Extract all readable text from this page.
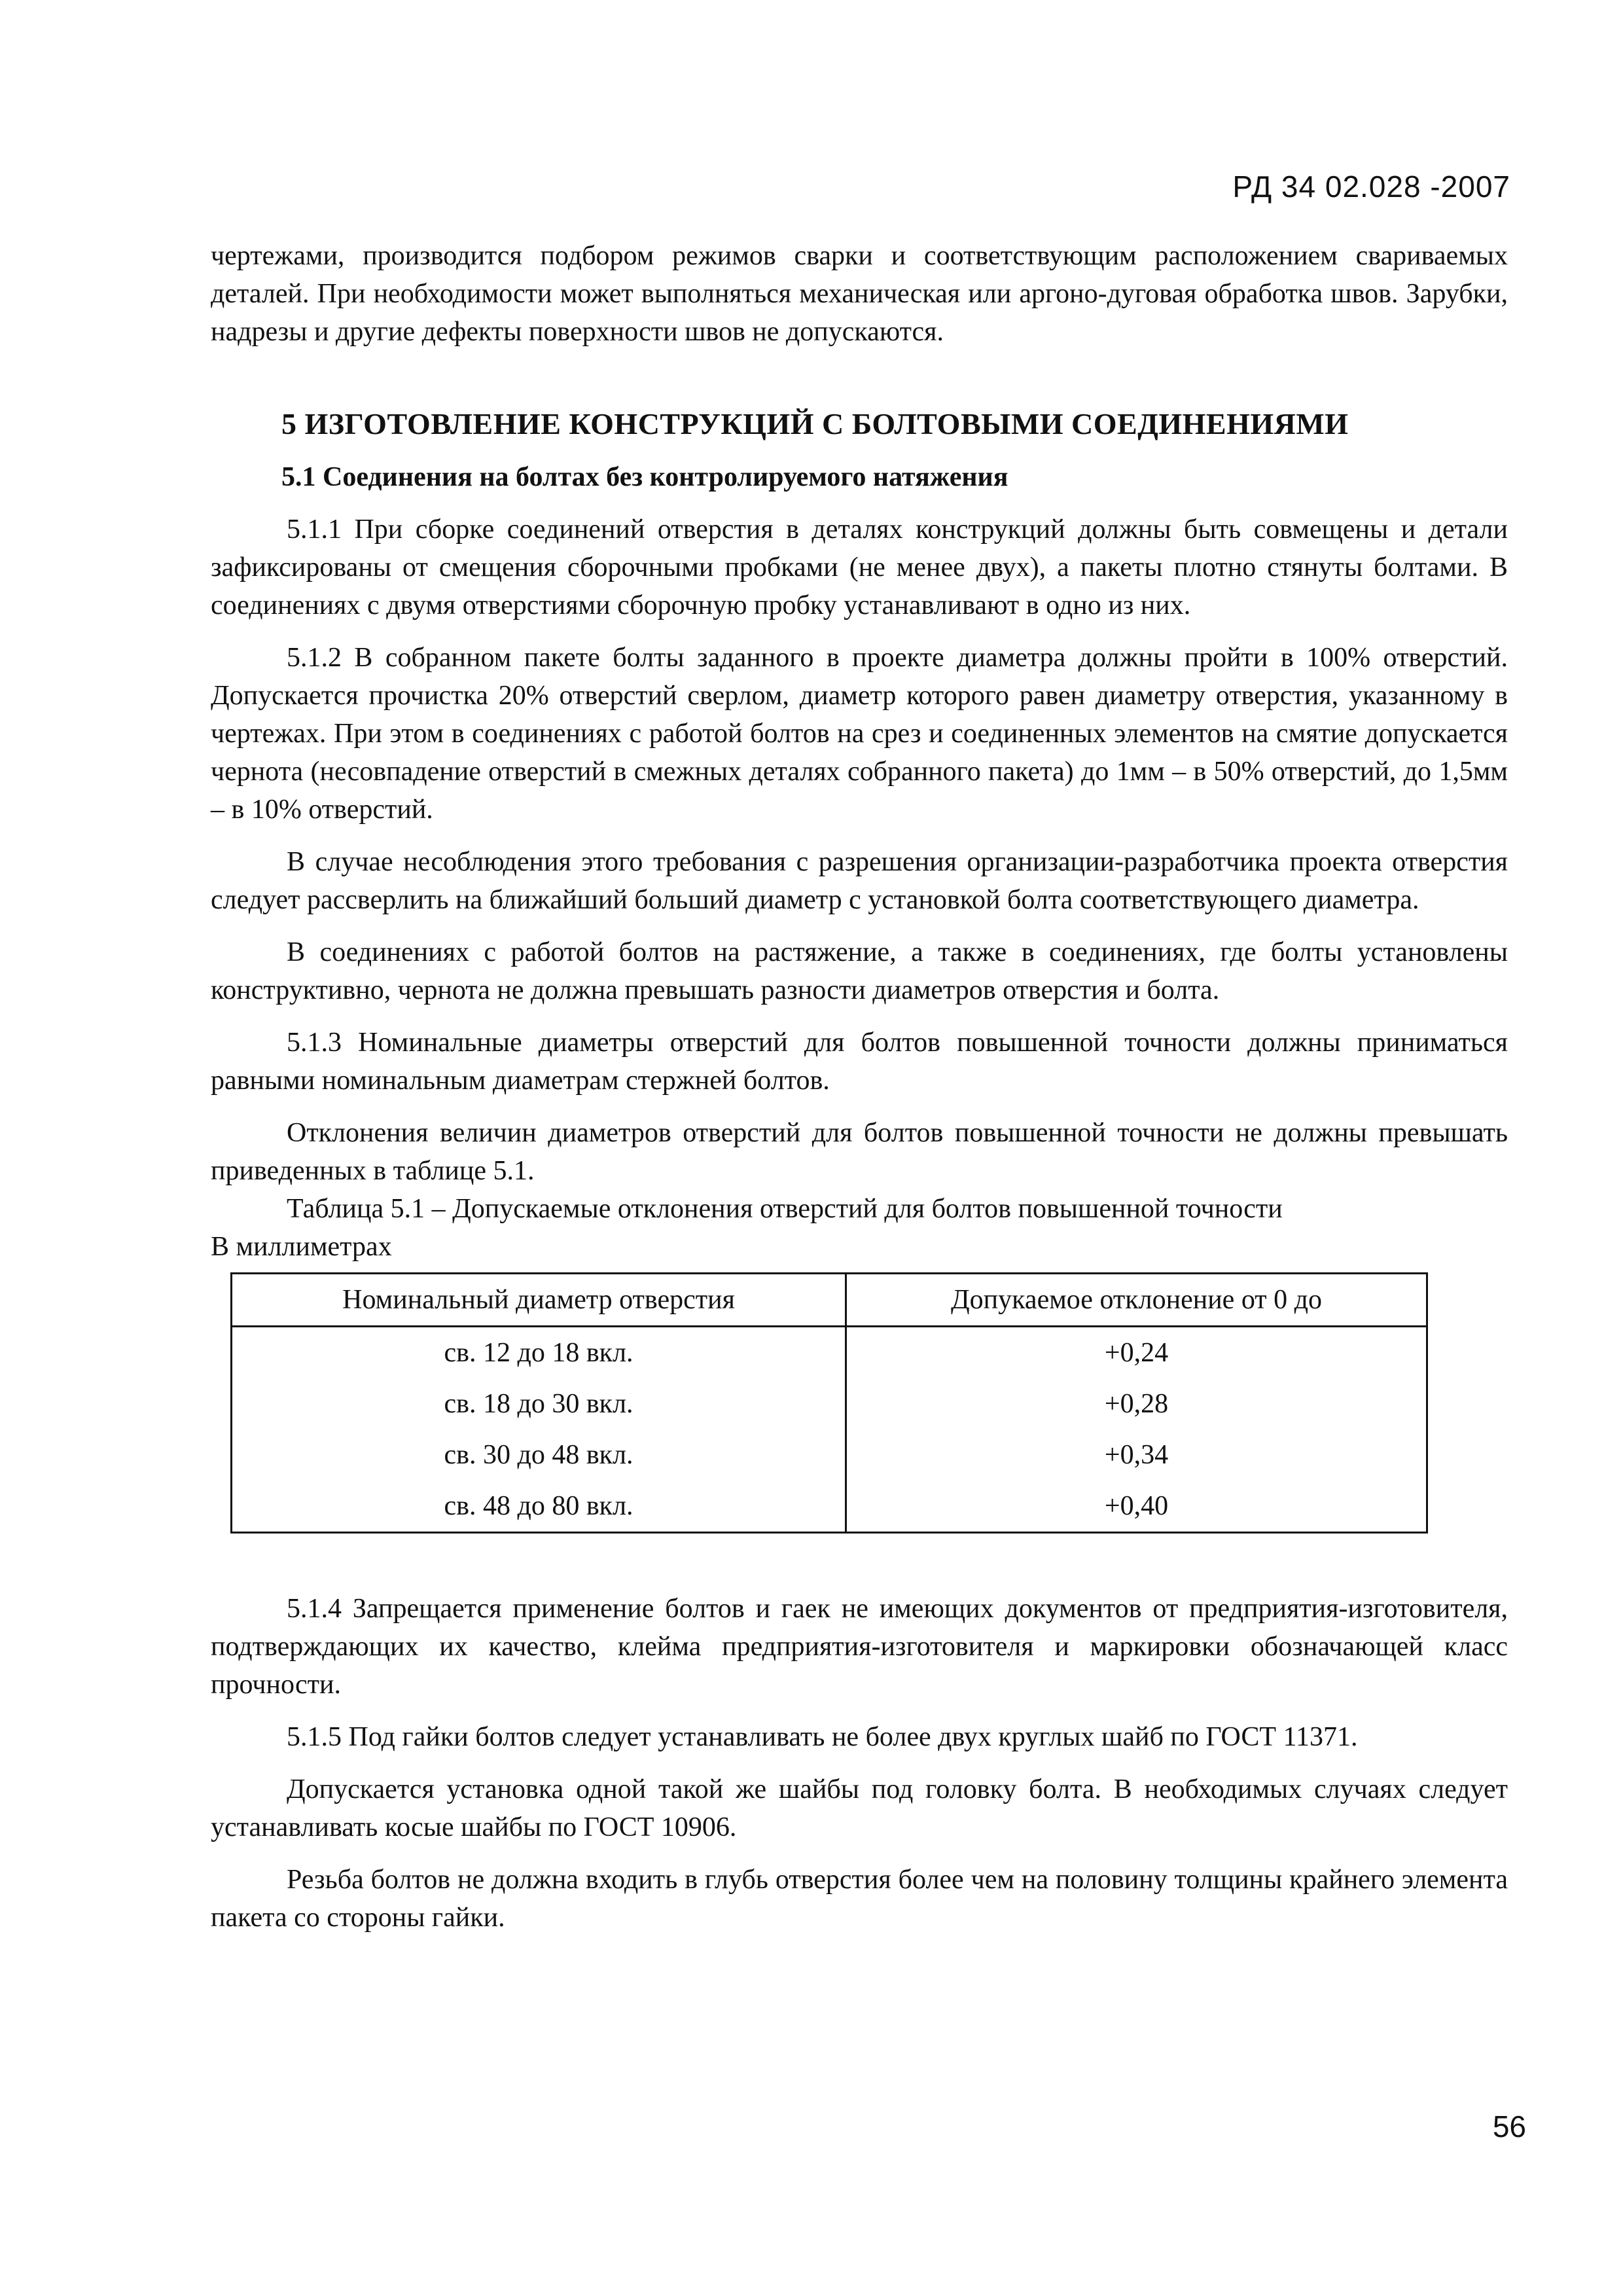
РД 34 02.028 -2007

чертежами, производится подбором режимов сварки и соответствующим расположением свариваемых деталей. При необходимости может выполняться механическая или аргоно-дуговая обработка швов. Зарубки, надрезы и другие дефекты поверхности швов не допускаются.

5 ИЗГОТОВЛЕНИЕ КОНСТРУКЦИЙ С БОЛТОВЫМИ СОЕДИНЕНИЯМИ
5.1 Соединения на болтах без контролируемого натяжения

5.1.1 При сборке соединений отверстия в деталях конструкций должны быть совмещены и детали зафиксированы от смещения сборочными пробками (не менее двух), а пакеты плотно стянуты болтами. В соединениях с двумя отверстиями сборочную пробку устанавливают в одно из них.

5.1.2 В собранном пакете болты заданного в проекте диаметра должны пройти в 100% отверстий. Допускается прочистка 20% отверстий сверлом, диаметр которого равен диаметру отверстия, указанному в чертежах. При этом в соединениях с работой болтов на срез и соединенных элементов на смятие допускается чернота (несовпадение отверстий в смежных деталях собранного пакета) до 1мм – в 50% отверстий, до 1,5мм – в 10% отверстий.

В случае несоблюдения этого требования с разрешения организации-разработчика проекта отверстия следует рассверлить на ближайший больший диаметр с установкой болта соответствующего диаметра.

В соединениях с работой болтов на растяжение, а также в соединениях, где болты установлены конструктивно, чернота не должна превышать разности диаметров отверстия и болта.

5.1.3 Номинальные диаметры отверстий для болтов повышенной точности должны приниматься равными номинальным диаметрам стержней болтов.

Отклонения величин диаметров отверстий для болтов повышенной точности не должны превышать приведенных в таблице 5.1.

Таблица 5.1 – Допускаемые отклонения отверстий для болтов повышенной точности

В миллиметрах

Номинальный диаметр отверстия	Допукаемое отклонение от 0 до
св. 12 до 18 вкл.	+0,24
св. 18 до 30 вкл.	+0,28
св. 30 до 48 вкл.	+0,34
св. 48 до 80 вкл.	+0,40

5.1.4 Запрещается применение болтов и гаек не имеющих документов от предприятия-изготовителя, подтверждающих их качество, клейма предприятия-изготовителя и маркировки обозначающей класс прочности.

5.1.5 Под гайки болтов следует устанавливать не более двух круглых шайб по ГОСТ 11371.

Допускается установка одной такой же шайбы под головку болта. В необходимых случаях следует устанавливать косые шайбы по ГОСТ 10906.

Резьба болтов не должна входить в глубь отверстия более чем на половину толщины крайнего элемента пакета со стороны гайки.

56
